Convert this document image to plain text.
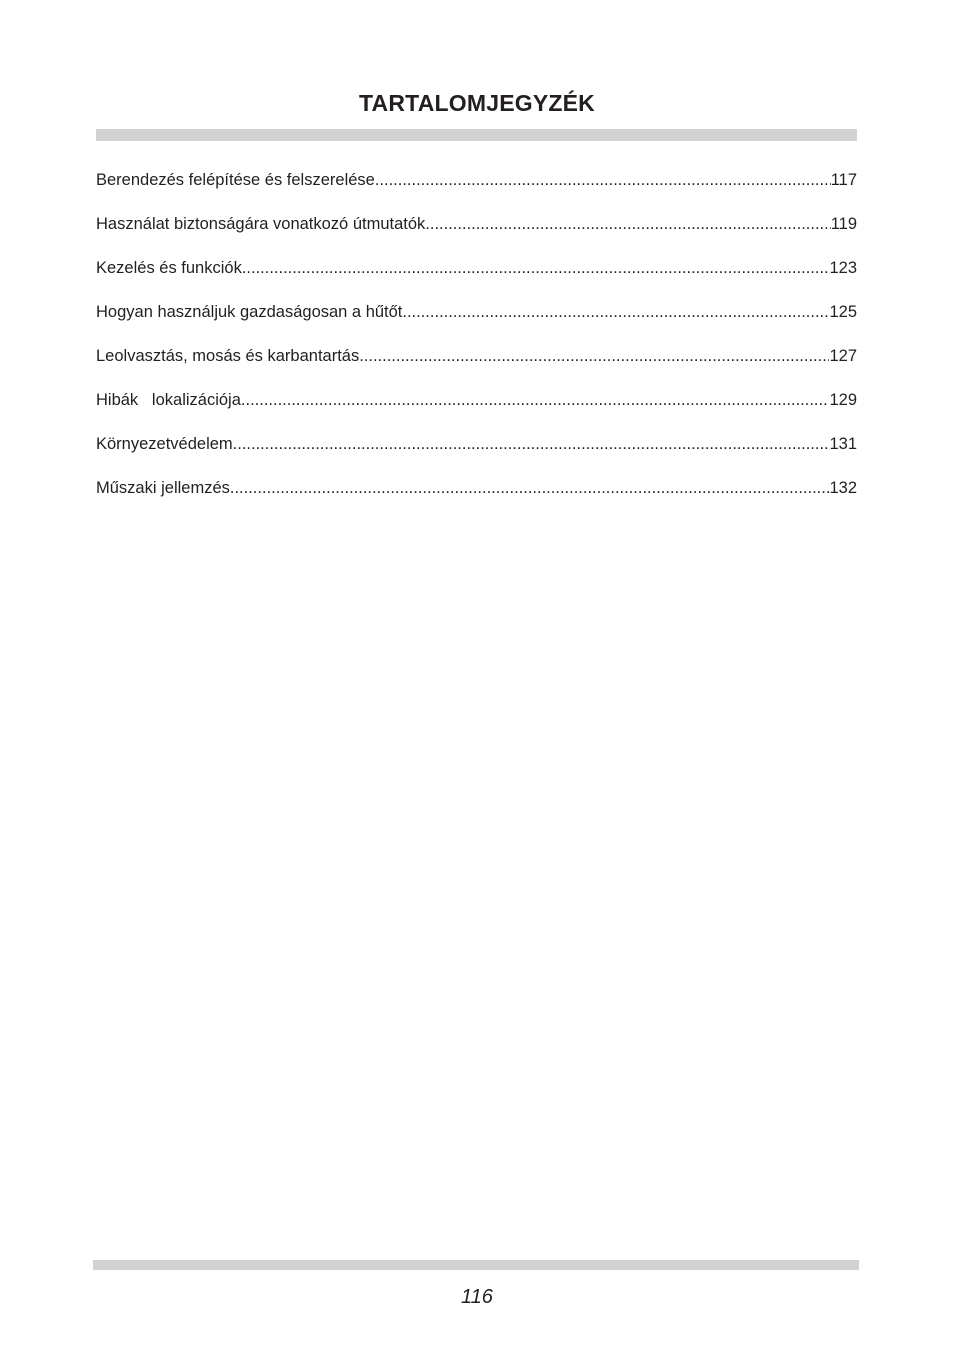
TARTALOMJEGYZÉK
Berendezés felépítése és felszerelése .....	117
Használat biztonságára vonatkozó útmutatók .....	119
Kezelés és funkciók .....	123
Hogyan használjuk gazdaságosan a hűtőt .....	125
Leolvasztás, mosás és karbantartás .....	127
Hibák   lokalizációja .....	129
Környezetvédelem .....	131
Műszaki jellemzés .....	132
116
